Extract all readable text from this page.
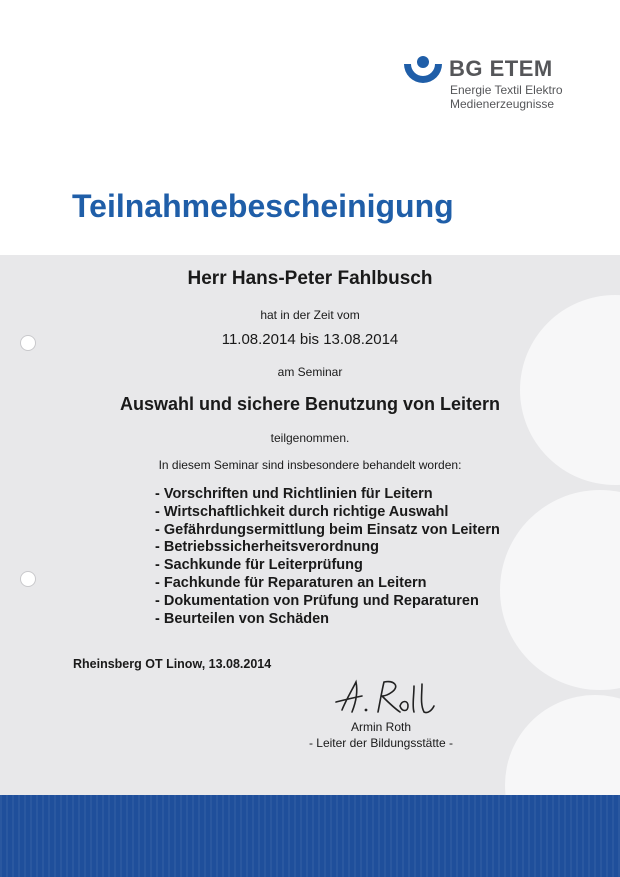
BG ETEM
Energie Textil Elektro
Medienerzeugnisse
Teilnahmebescheinigung
Herr Hans-Peter Fahlbusch
hat in der Zeit vom
11.08.2014 bis 13.08.2014
am Seminar
Auswahl und sichere Benutzung von Leitern
teilgenommen.
In diesem Seminar sind insbesondere behandelt worden:
- Vorschriften und Richtlinien für Leitern
- Wirtschaftlichkeit durch richtige Auswahl
- Gefährdungsermittlung beim Einsatz von Leitern
- Betriebssicherheitsverordnung
- Sachkunde für Leiterprüfung
- Fachkunde für Reparaturen an Leitern
- Dokumentation von Prüfung und Reparaturen
- Beurteilen von Schäden
Rheinsberg OT Linow, 13.08.2014
Armin Roth
- Leiter der Bildungsstätte -
